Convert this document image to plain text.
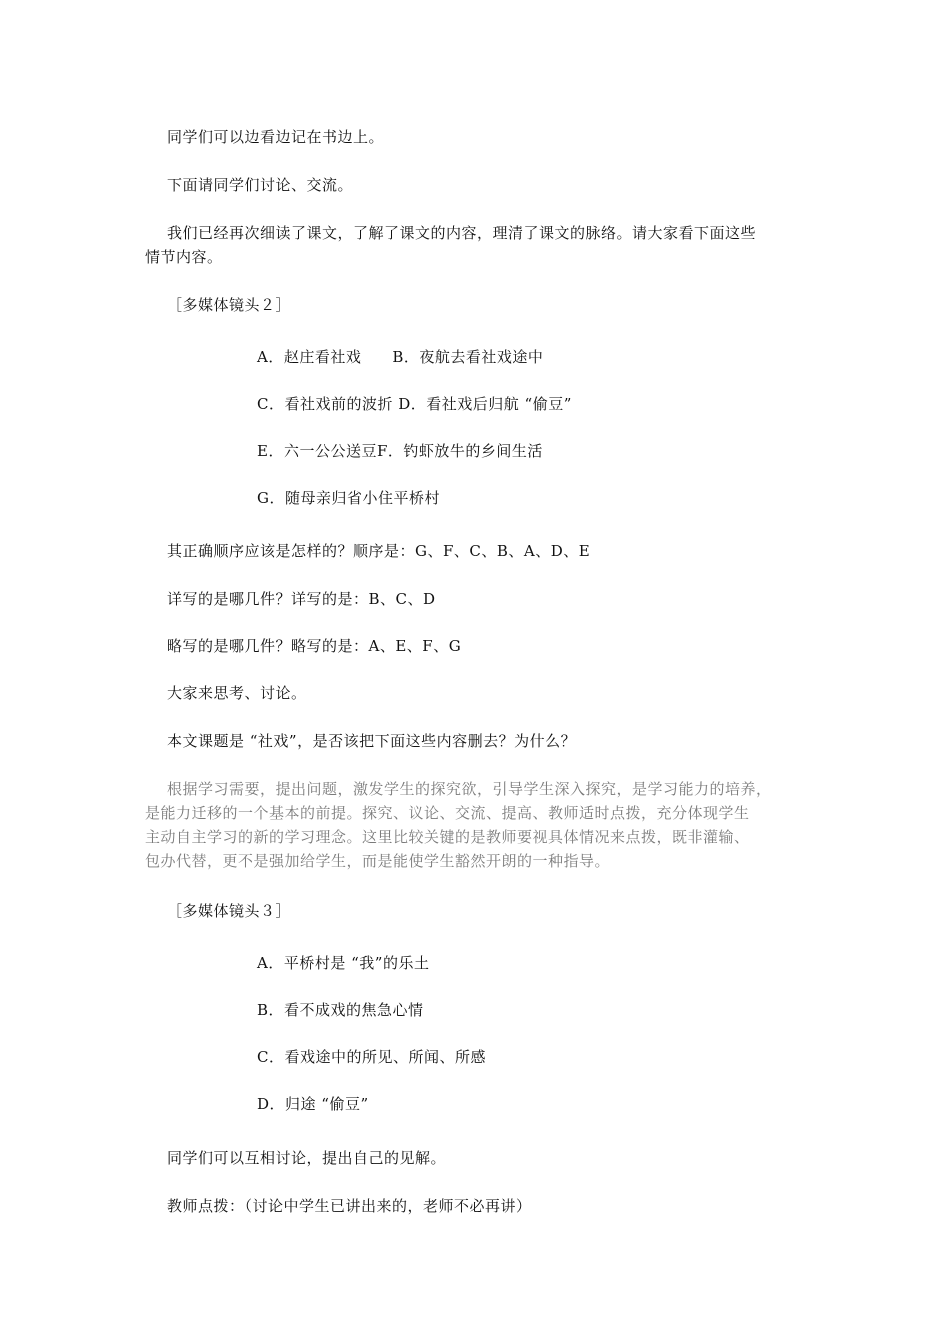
同学们可以边看边记在书边上。
下面请同学们讨论、交流。
我们已经再次细读了课文，了解了课文的内容，理清了课文的脉络。请大家看下面这些
情节内容。
［多媒体镜头２］
A．赵庄看社戏　　B．夜航去看社戏途中
C．看社戏前的波折 D．看社戏后归航 “偷豆”
E．六一公公送豆F．钓虾放牛的乡间生活
G．随母亲归省小住平桥村
其正确顺序应该是怎样的？顺序是：G、F、C、B、A、D、E
详写的是哪几件？详写的是：B、C、D
略写的是哪几件？略写的是：A、E、F、G
大家来思考、讨论。
本文课题是 “社戏”，是否该把下面这些内容删去？为什么？
根据学习需要，提出问题，激发学生的探究欲，引导学生深入探究，是学习能力的培养，
是能力迁移的一个基本的前提。探究、议论、交流、提高、教师适时点拨，充分体现学生
主动自主学习的新的学习理念。这里比较关键的是教师要视具体情况来点拨，既非灌输、
包办代替，更不是强加给学生，而是能使学生豁然开朗的一种指导。
［多媒体镜头３］
A．平桥村是 “我”的乐土
B．看不成戏的焦急心情
C．看戏途中的所见、所闻、所感
D．归途 “偷豆”
同学们可以互相讨论，提出自己的见解。
教师点拨：（讨论中学生已讲出来的，老师不必再讲）
